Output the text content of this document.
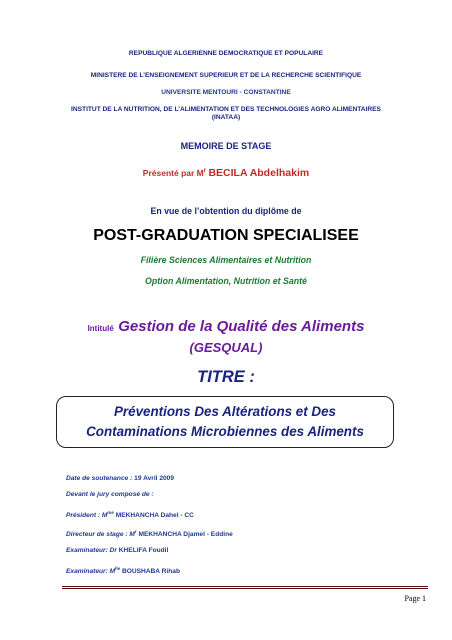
REPUBLIQUE ALGERIENNE DEMOCRATIQUE ET POPULAIRE
MINISTERE DE L’ENSEIGNEMENT SUPERIEUR ET DE LA RECHERCHE SCIENTIFIQUE
UNIVERSITE MENTOURI - CONSTANTINE
INSTITUT DE LA NUTRITION, DE L’ALIMENTATION ET DES TECHNOLOGIES AGRO ALIMENTAIRES
(INATAA)
MEMOIRE DE STAGE
Présenté par $M^r$ BECILA Abdelhakim
En vue de l’obtention du diplôme de
POST-GRADUATION SPECIALISEE
Filière Sciences Alimentaires et Nutrition
Option Alimentation, Nutrition et Santé
Intitulé Gestion de la Qualité des Aliments
(GESQUAL)
TITRE :
Préventions Des Altérations et Des
Contaminations Microbiennes des Aliments
Date de soutenance : 19 Avril 2009
Devant le jury composé de :
Président : $M^{me}$ MEKHANCHA Dahel - CC
Directeur de stage : $M^r$ MEKHANCHA Djamel - Eddine
Examinateur: Dr KHELIFA Foudil
Examinateur: $M^{lle}$ BOUSHABA Rihab
Page 1
